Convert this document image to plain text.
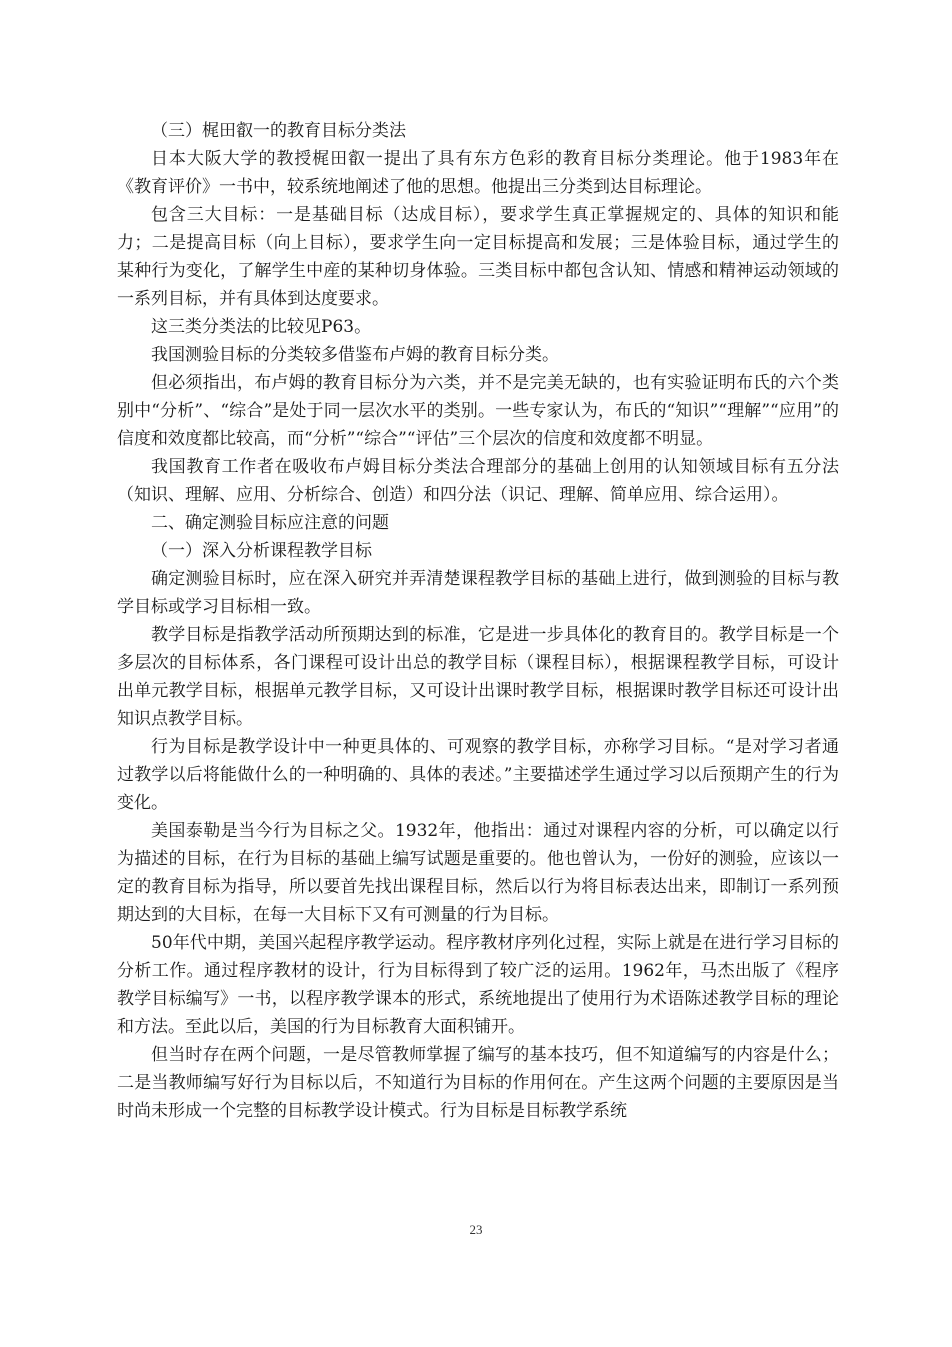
（三）梶田叡一的教育目标分类法

日本大阪大学的教授梶田叡一提出了具有东方色彩的教育目标分类理论。他于1983年在《教育评价》一书中，较系统地阐述了他的思想。他提出三分类到达目标理论。

包含三大目标：一是基础目标（达成目标），要求学生真正掌握规定的、具体的知识和能力；二是提高目标（向上目标），要求学生向一定目标提高和发展；三是体验目标，通过学生的某种行为变化，了解学生中産的某种切身体验。三类目标中都包含认知、情感和精神运动领域的一系列目标，并有具体到达度要求。

这三类分类法的比较见P63。

我国测验目标的分类较多借鉴布卢姆的教育目标分类。

但必须指出，布卢姆的教育目标分为六类，并不是完美无缺的，也有实验证明布氏的六个类别中“分析”、“综合”是处于同一层次水平的类别。一些专家认为，布氏的“知识”“理解”“应用”的信度和效度都比较高，而“分析”“综合”“评估”三个层次的信度和效度都不明显。

我国教育工作者在吸收布卢姆目标分类法合理部分的基础上创用的认知领域目标有五分法（知识、理解、应用、分析综合、创造）和四分法（识记、理解、简单应用、综合运用）。

二、确定测验目标应注意的问题

（一）深入分析课程教学目标

确定测验目标时，应在深入研究并弄清楚课程教学目标的基础上进行，做到测验的目标与教学目标或学习目标相一致。

教学目标是指教学活动所预期达到的标准，它是进一步具体化的教育目的。教学目标是一个多层次的目标体系，各门课程可设计出总的教学目标（课程目标），根据课程教学目标，可设计出单元教学目标，根据单元教学目标，又可设计出课时教学目标，根据课时教学目标还可设计出知识点教学目标。

行为目标是教学设计中一种更具体的、可观察的教学目标，亦称学习目标。“是对学习者通过教学以后将能做什么的一种明确的、具体的表述。”主要描述学生通过学习以后预期产生的行为变化。

美国泰勒是当今行为目标之父。1932年，他指出：通过对课程内容的分析，可以确定以行为描述的目标，在行为目标的基础上编写试题是重要的。他也曾认为，一份好的测验，应该以一定的教育目标为指导，所以要首先找出课程目标，然后以行为将目标表达出来，即制订一系列预期达到的大目标，在每一大目标下又有可测量的行为目标。

50年代中期，美国兴起程序教学运动。程序教材序列化过程，实际上就是在进行学习目标的分析工作。通过程序教材的设计，行为目标得到了较广泛的运用。1962年，马杰出版了《程序教学目标编写》一书，以程序教学课本的形式，系统地提出了使用行为术语陈述教学目标的理论和方法。至此以后，美国的行为目标教育大面积铺开。

但当时存在两个问题，一是尽管教师掌握了编写的基本技巧，但不知道编写的内容是什么；二是当教师编写好行为目标以后，不知道行为目标的作用何在。产生这两个问题的主要原因是当时尚未形成一个完整的目标教学设计模式。行为目标是目标教学系统

23
